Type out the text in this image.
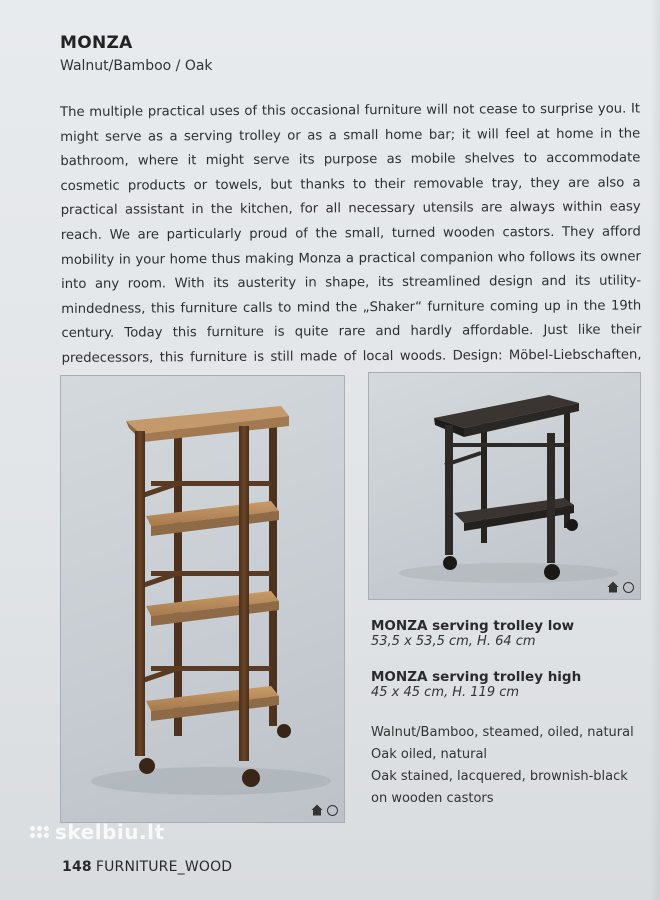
MONZA
Walnut/Bamboo / Oak
The multiple practical uses of this occasional furniture will not cease to surprise you. It might serve as a serving trolley or as a small home bar; it will feel at home in the bathroom, where it might serve its purpose as mobile shelves to accommodate cosmetic products or towels, but thanks to their removable tray, they are also a practical assistant in the kitchen, for all necessary utensils are always within easy reach. We are particularly proud of the small, turned wooden castors. They afford mobility in your home thus making Monza a practical companion who follows its owner into any room. With its austerity in shape, its streamlined design and its utility-mindedness, this furniture calls to mind the „Shaker“ furniture coming up in the 19th century. Today this furniture is quite rare and hardly affordable. Just like their predecessors, this furniture is still made of local woods. Design: Möbel-Liebschaften,
MONZA serving trolley low
53,5 x 53,5 cm, H. 64 cm
MONZA serving trolley high
45 x 45 cm, H. 119 cm
Walnut/Bamboo, steamed, oiled, natural
Oak oiled, natural
Oak stained, lacquered, brownish-black
on wooden castors
skelbiu.lt
148 FURNITURE_WOOD
